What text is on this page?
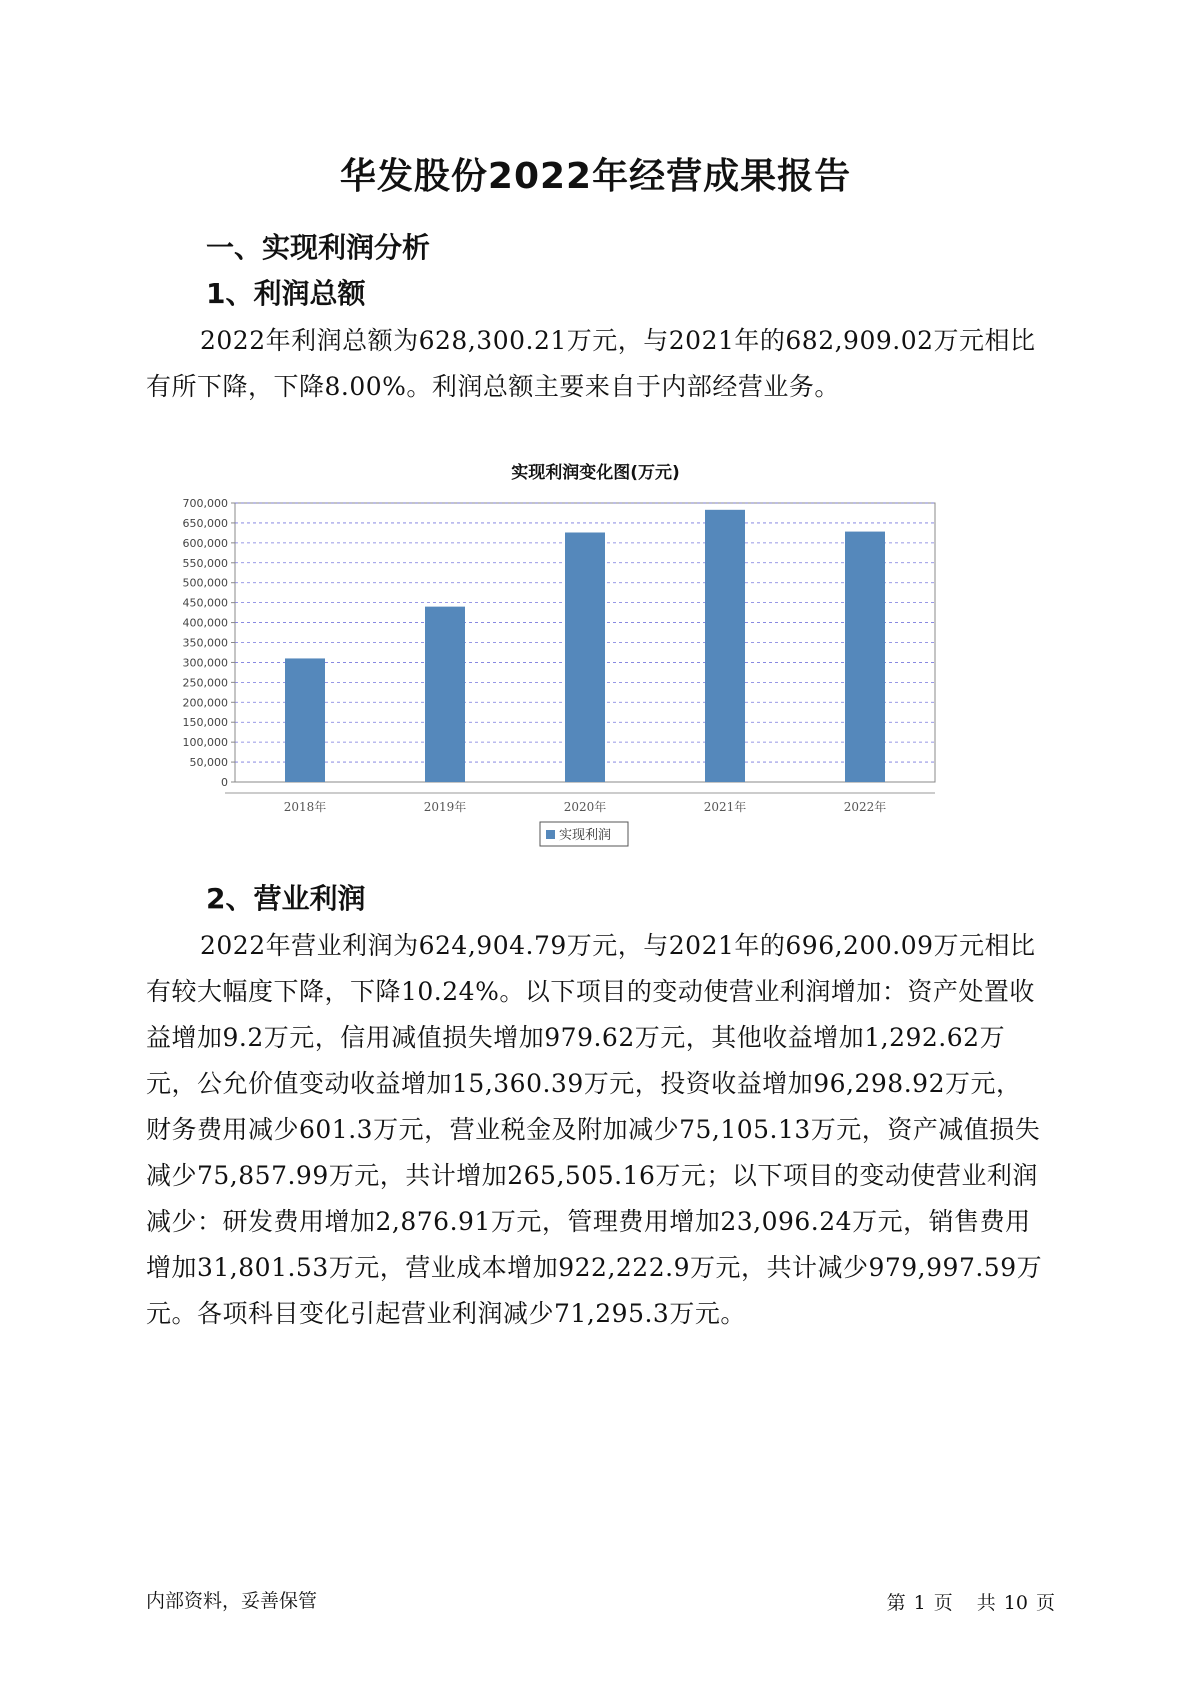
华发股份2022年经营成果报告
一、实现利润分析
1、利润总额

2022年利润总额为628,300.21万元，与2021年的682,909.02万元相比有所下降，下降8.00%。利润总额主要来自于内部经营业务。

实现利润变化图(万元)
0
50,000
100,000
150,000
200,000
250,000
300,000
350,000
400,000
450,000
500,000
550,000
600,000
650,000
700,000
2018年	2019年	2020年	2021年	2022年
实现利润
2、营业利润

2022年营业利润为624,904.79万元，与2021年的696,200.09万元相比有较大幅度下降，下降10.24%。以下项目的变动使营业利润增加：资产处置收益增加9.2万元，信用减值损失增加979.62万元，其他收益增加1,292.62万元，公允价值变动收益增加15,360.39万元，投资收益增加96,298.92万元，财务费用减少601.3万元，营业税金及附加减少75,105.13万元，资产减值损失减少75,857.99万元，共计增加265,505.16万元；以下项目的变动使营业利润减少：研发费用增加2,876.91万元，管理费用增加23,096.24万元，销售费用增加31,801.53万元，营业成本增加922,222.9万元，共计减少979,997.59万元。各项科目变化引起营业利润减少71,295.3万元。

内部资料，妥善保管	第 1 页 共 10 页
